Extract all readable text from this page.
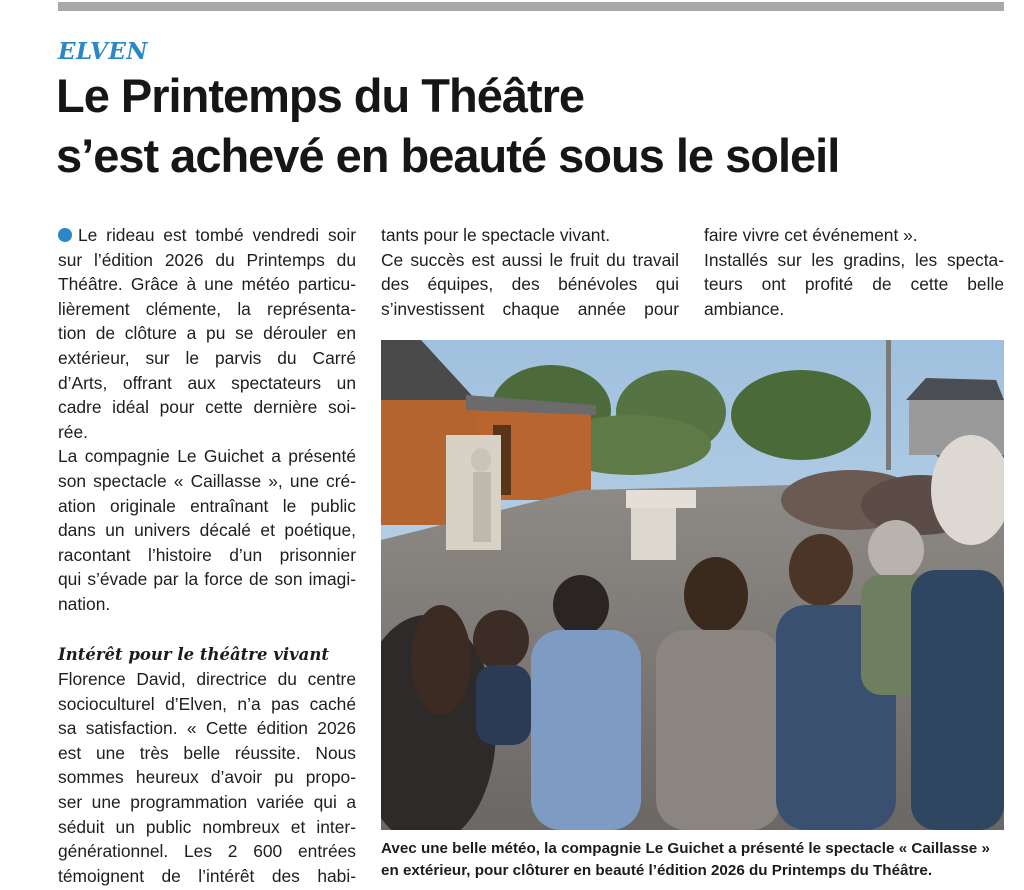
ELVEN
Le Printemps du Théâtre
s’est achevé en beauté sous le soleil
Le rideau est tombé vendredi soir
sur l’édition 2026 du Printemps du
Théâtre. Grâce à une météo particu-
lièrement clémente, la représenta-
tion de clôture a pu se dérouler en
extérieur, sur le parvis du Carré
d’Arts, offrant aux spectateurs un
cadre idéal pour cette dernière soi-
rée.
La compagnie Le Guichet a présenté
son spectacle « Caillasse », une cré-
ation originale entraînant le public
dans un univers décalé et poétique,
racontant l’histoire d’un prisonnier
qui s’évade par la force de son imagi-
nation.
Intérêt pour le théâtre vivant
Florence David, directrice du centre
socioculturel d’Elven, n’a pas caché
sa satisfaction. « Cette édition 2026
est une très belle réussite. Nous
sommes heureux d’avoir pu propo-
ser une programmation variée qui a
séduit un public nombreux et inter-
générationnel. Les 2 600 entrées
témoignent de l’intérêt des habi-
tants pour le spectacle vivant.
Ce succès est aussi le fruit du travail
des équipes, des bénévoles qui
s’investissent chaque année pour
faire vivre cet événement ».
Installés sur les gradins, les specta-
teurs ont profité de cette belle
ambiance.
Avec une belle météo, la compagnie Le Guichet a présenté le spectacle « Caillasse »
en extérieur, pour clôturer en beauté l’édition 2026 du Printemps du Théâtre.
